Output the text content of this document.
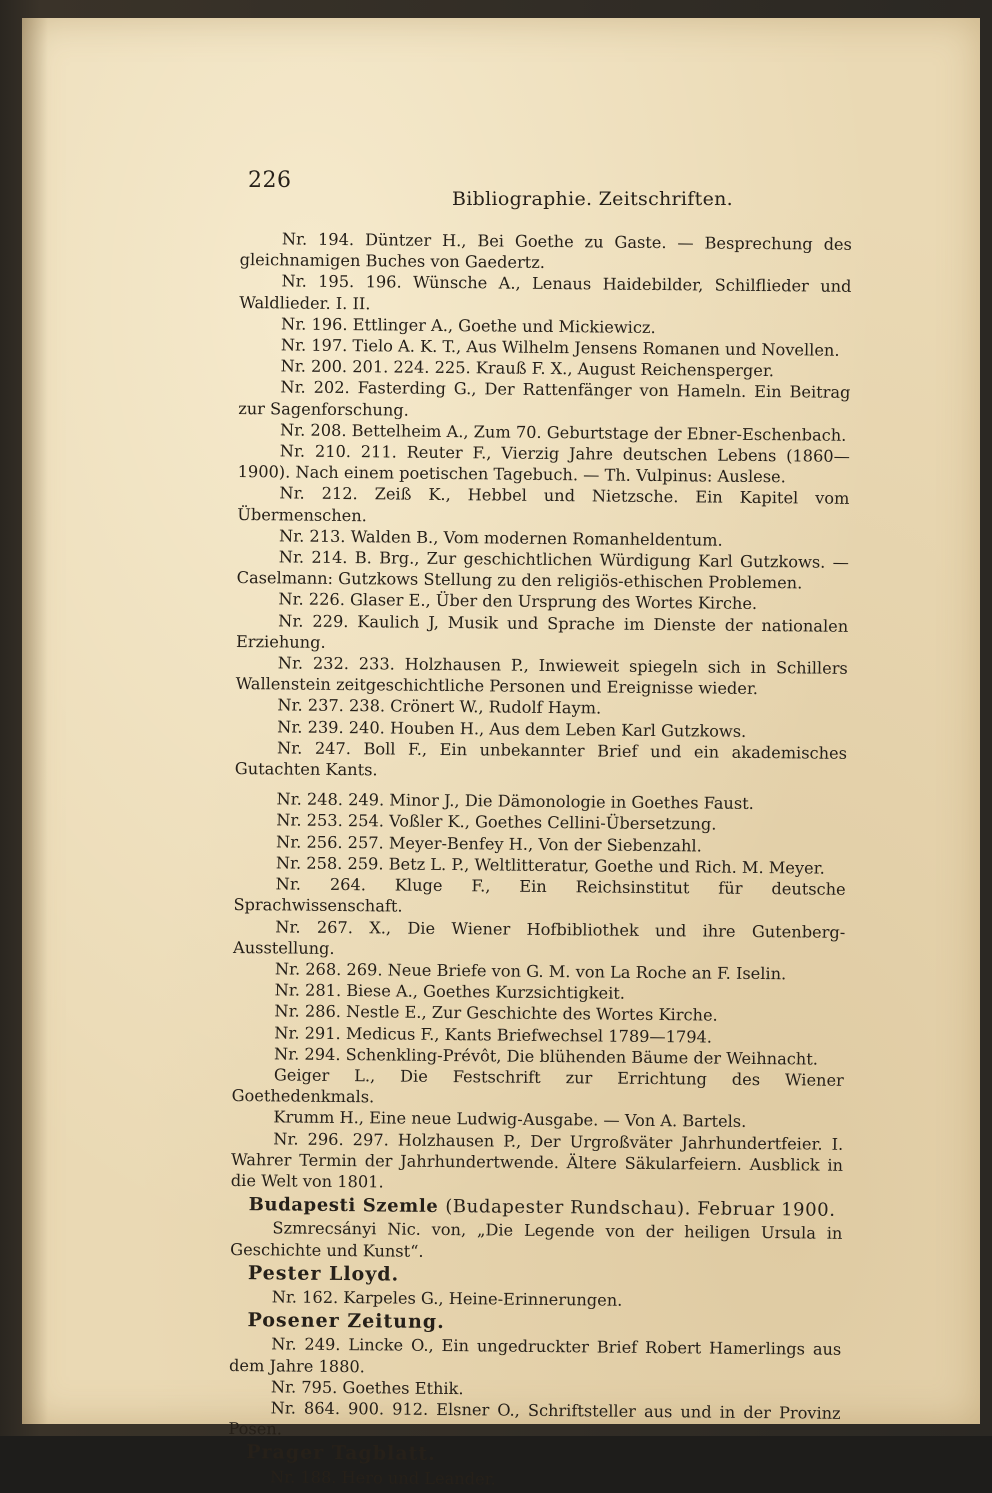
226
Bibliographie. Zeitschriften.

Nr. 194. Düntzer H., Bei Goethe zu Gaste. — Besprechung des gleichnamigen Buches von Gaedertz.

Nr. 195. 196. Wünsche A., Lenaus Haidebilder, Schilflieder und Waldlieder. I. II.

Nr. 196. Ettlinger A., Goethe und Mickiewicz.

Nr. 197. Tielo A. K. T., Aus Wilhelm Jensens Romanen und Novellen.

Nr. 200. 201. 224. 225. Krauß F. X., August Reichensperger.

Nr. 202. Fasterding G., Der Rattenfänger von Hameln. Ein Beitrag zur Sagenforschung.

Nr. 208. Bettelheim A., Zum 70. Geburtstage der Ebner-Eschenbach.

Nr. 210. 211. Reuter F., Vierzig Jahre deutschen Lebens (1860—1900). Nach einem poetischen Tagebuch. — Th. Vulpinus: Auslese.

Nr. 212. Zeiß K., Hebbel und Nietzsche. Ein Kapitel vom Übermenschen.

Nr. 213. Walden B., Vom modernen Romanheldentum.

Nr. 214. B. Brg., Zur geschichtlichen Würdigung Karl Gutzkows. — Caselmann: Gutzkows Stellung zu den religiös-ethischen Problemen.

Nr. 226. Glaser E., Über den Ursprung des Wortes Kirche.

Nr. 229. Kaulich J, Musik und Sprache im Dienste der nationalen Erziehung.

Nr. 232. 233. Holzhausen P., Inwieweit spiegeln sich in Schillers Wallenstein zeitgeschichtliche Personen und Ereignisse wieder.

Nr. 237. 238. Crönert W., Rudolf Haym.

Nr. 239. 240. Houben H., Aus dem Leben Karl Gutzkows.

Nr. 247. Boll F., Ein unbekannter Brief und ein akademisches Gutachten Kants.

Nr. 248. 249. Minor J., Die Dämonologie in Goethes Faust.

Nr. 253. 254. Voßler K., Goethes Cellini-Übersetzung.

Nr. 256. 257. Meyer-Benfey H., Von der Siebenzahl.

Nr. 258. 259. Betz L. P., Weltlitteratur, Goethe und Rich. M. Meyer.

Nr. 264. Kluge F., Ein Reichsinstitut für deutsche Sprachwissenschaft.

Nr. 267. X., Die Wiener Hofbibliothek und ihre Gutenberg-Ausstellung.

Nr. 268. 269. Neue Briefe von G. M. von La Roche an F. Iselin.

Nr. 281. Biese A., Goethes Kurzsichtigkeit.

Nr. 286. Nestle E., Zur Geschichte des Wortes Kirche.

Nr. 291. Medicus F., Kants Briefwechsel 1789—1794.

Nr. 294. Schenkling-Prévôt, Die blühenden Bäume der Weihnacht.

Geiger L., Die Festschrift zur Errichtung des Wiener Goethedenkmals.

Krumm H., Eine neue Ludwig-Ausgabe. — Von A. Bartels.

Nr. 296. 297. Holzhausen P., Der Urgroßväter Jahrhundertfeier. I. Wahrer Termin der Jahrhundertwende. Ältere Säkularfeiern. Ausblick in die Welt von 1801.

Budapesti Szemle (Budapester Rundschau). Februar 1900.

Szmrecsányi Nic. von, „Die Legende von der heiligen Ursula in Geschichte und Kunst“.

Pester Lloyd.

Nr. 162. Karpeles G., Heine-Erinnerungen.

Posener Zeitung.

Nr. 249. Lincke O., Ein ungedruckter Brief Robert Hamerlings aus dem Jahre 1880.

Nr. 795. Goethes Ethik.

Nr. 864. 900. 912. Elsner O., Schriftsteller aus und in der Provinz Posen.

Prager Tagblatt.

Nr. 188. Hero und Leander.
